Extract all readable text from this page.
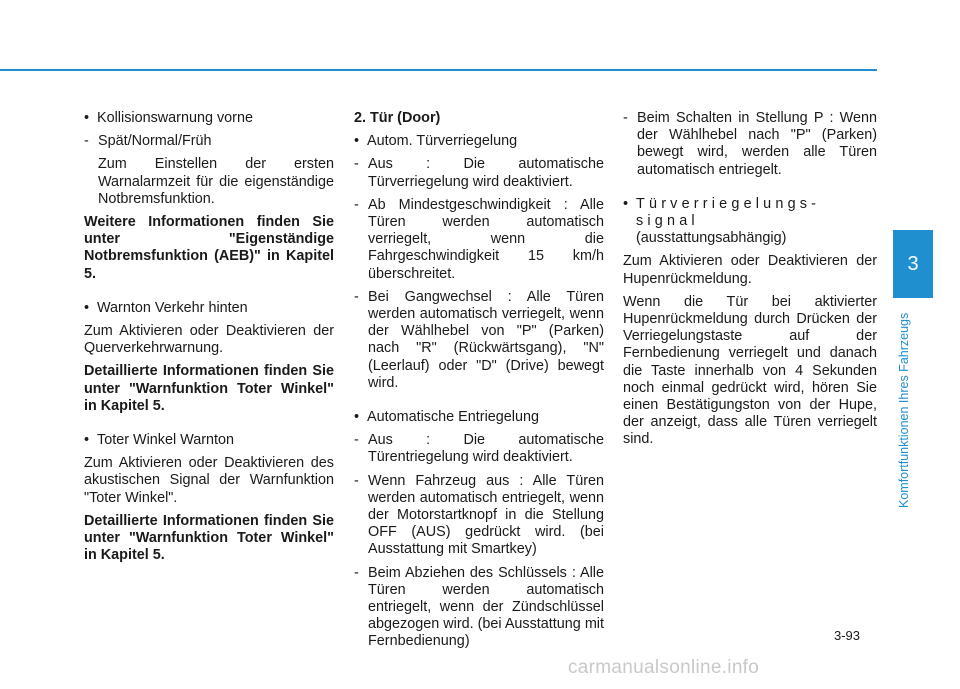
• Kollisionswarnung vorne
- Spät/Normal/Früh

Zum Einstellen der ersten Warnalarmzeit für die eigenständige Notbremsfunktion.

Weitere Informationen finden Sie unter "Eigenständige Notbremsfunktion (AEB)" in Kapitel 5.

• Warnton Verkehr hinten

Zum Aktivieren oder Deaktivieren der Querverkehrwarnung.

Detaillierte Informationen finden Sie unter "Warnfunktion Toter Winkel" in Kapitel 5.

• Toter Winkel Warnton

Zum Aktivieren oder Deaktivieren des akustischen Signal der Warnfunktion "Toter Winkel".

Detaillierte Informationen finden Sie unter "Warnfunktion Toter Winkel" in Kapitel 5.

2. Tür (Door)

• Autom. Türverriegelung
- Aus : Die automatische Türverriegelung wird deaktiviert.
- Ab Mindestgeschwindigkeit : Alle Türen werden automatisch verriegelt, wenn die Fahrgeschwindigkeit 15 km/h überschreitet.
- Bei Gangwechsel : Alle Türen werden automatisch verriegelt, wenn der Wählhebel von "P" (Parken) nach "R" (Rückwärtsgang), "N" (Leerlauf) oder "D" (Drive) bewegt wird.
• Automatische Entriegelung
- Aus : Die automatische Türentriegelung wird deaktiviert.
- Wenn Fahrzeug aus : Alle Türen werden automatisch entriegelt, wenn der Motorstartknopf in die Stellung OFF (AUS) gedrückt wird. (bei Ausstattung mit Smartkey)
- Beim Abziehen des Schlüssels : Alle Türen werden automatisch entriegelt, wenn der Zündschlüssel abgezogen wird. (bei Ausstattung mit Fernbedienung)
- Beim Schalten in Stellung P : Wenn der Wählhebel nach "P" (Parken) bewegt wird, werden alle Türen automatisch entriegelt.
• Türverriegelungs-signal
(ausstattungsabhängig)

Zum Aktivieren oder Deaktivieren der Hupenrückmeldung.

Wenn die Tür bei aktivierter Hupenrückmeldung durch Drücken der Verriegelungstaste auf der Fernbedienung verriegelt und danach die Taste innerhalb von 4 Sekunden noch einmal gedrückt wird, hören Sie einen Bestätigungston von der Hupe, der anzeigt, dass alle Türen verriegelt sind.

3
Komfortfunktionen Ihres Fahrzeugs
3-93
carmanualsonline.info
